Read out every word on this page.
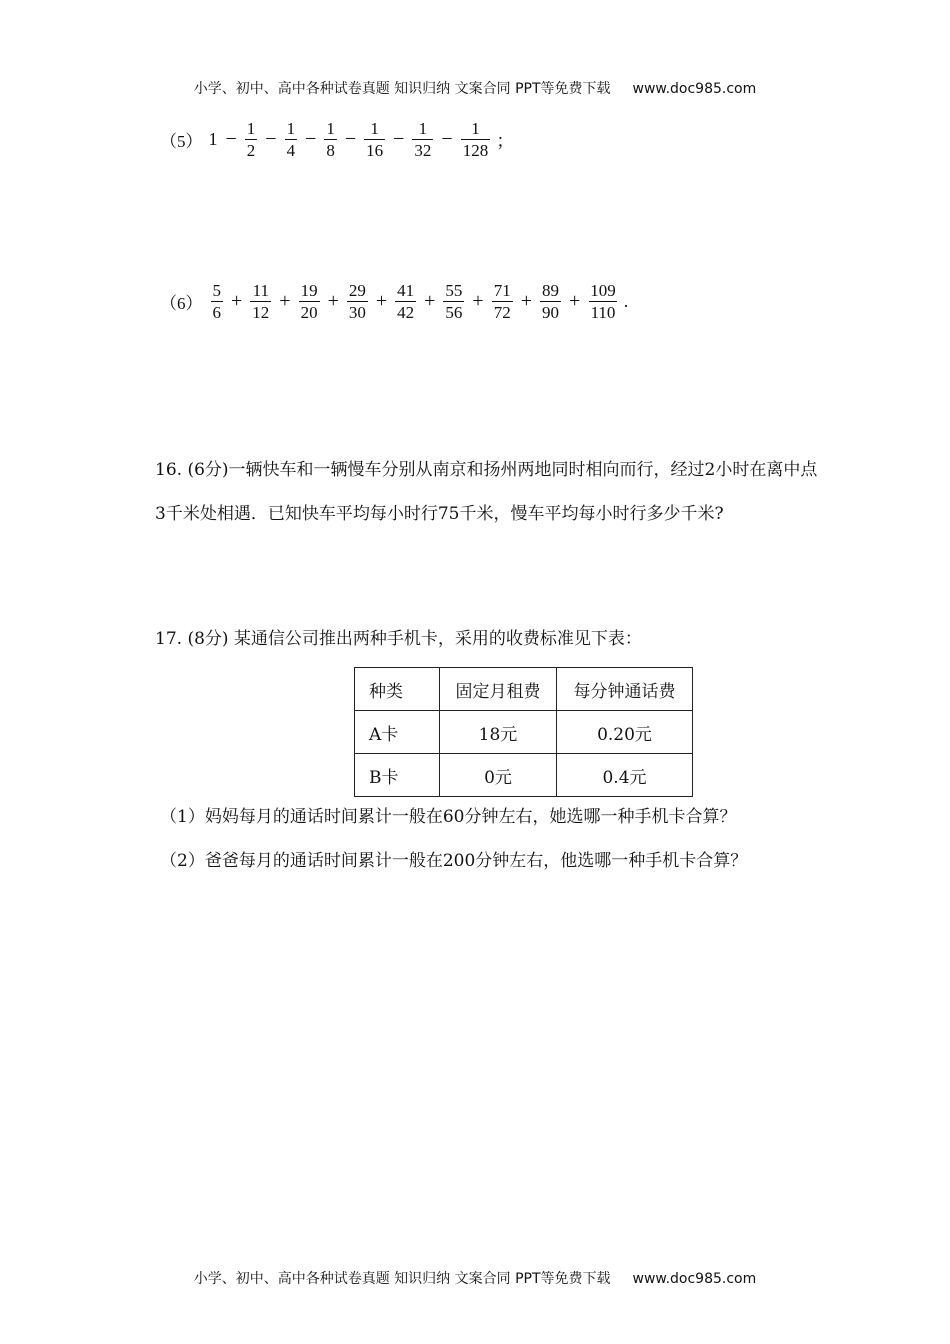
小学、初中、高中各种试卷真题 知识归纳 文案合同 PPT等免费下载 www.doc985.com
（5） $1 - \frac{1}{2} - \frac{1}{4} - \frac{1}{8} - \frac{1}{16} - \frac{1}{32} - \frac{1}{128}$ ；
$(6) \frac{5}{6} + \frac{11}{12} + \frac{19}{20} + \frac{29}{30} + \frac{41}{42} + \frac{55}{56} + \frac{71}{72} + \frac{89}{90} + \frac{109}{110}$ .
16. (6分)一辆快车和一辆慢车分别从南京和扬州两地同时相向而行，经过2小时在离中点
3千米处相遇．已知快车平均每小时行75千米，慢车平均每小时行多少千米?
17. (8分) 某通信公司推出两种手机卡，采用的收费标准见下表：
种类	固定月租费	每分钟通话费
A卡	18元	0.20元
B卡	0元	0.4元
（1）妈妈每月的通话时间累计一般在60分钟左右，她选哪一种手机卡合算？
（2）爸爸每月的通话时间累计一般在200分钟左右，他选哪一种手机卡合算？
小学、初中、高中各种试卷真题 知识归纳 文案合同 PPT等免费下载 www.doc985.com
